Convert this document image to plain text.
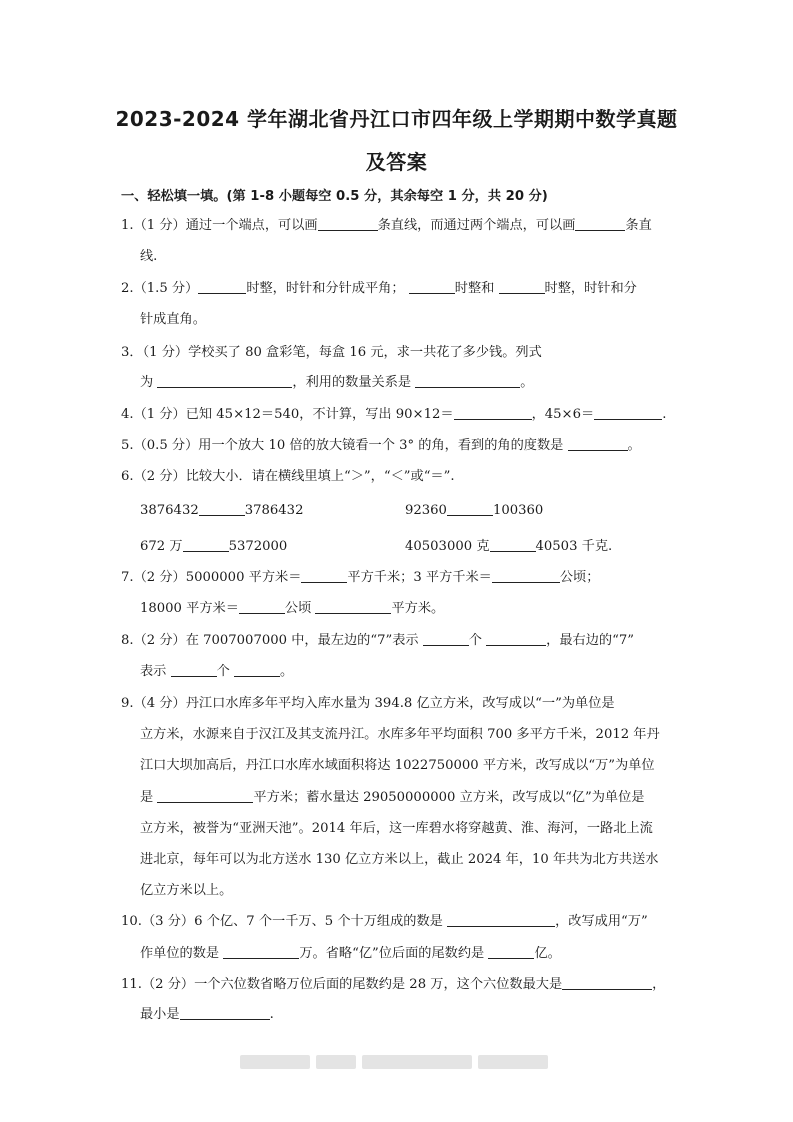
2023-2024 学年湖北省丹江口市四年级上学期期中数学真题
及答案
一、轻松填一填。(第 1-8 小题每空 0.5 分，其余每空 1 分，共 20 分)
1.（1 分）通过一个端点，可以画	条直线，而通过两个端点，可以画	条直
线.
2.（1.5 分）	时整，时针和分针成平角；	时整和	时整，时针和分
针成直角。
3．（1 分）学校买了 80 盒彩笔，每盒 16 元，求一共花了多少钱。列式
为	，利用的数量关系是	。
4.（1 分）已知 45×12＝540，不计算，写出 90×12＝	，45×6＝	.
5.（0.5 分）用一个放大 10 倍的放大镜看一个 3° 的角，看到的角的度数是	。
6.（2 分）比较大小．请在横线里填上“＞”，“＜”或“＝”.
3876432	3786432	92360	100360
672 万	5372000	40503000 克	40503 千克.
7.（2 分）5000000 平方米＝	平方千米；3 平方千米＝	公顷；
18000 平方米＝	公顷	平方米。
8.（2 分）在 7007007000 中，最左边的“7”表示	个	，最右边的“7”
表示	个	。
9.（4 分）丹江口水库多年平均入库水量为 394.8 亿立方米，改写成以“一”为单位是
立方米，水源来自于汉江及其支流丹江。水库多年平均面积 700 多平方千米，2012 年丹
江口大坝加高后，丹江口水库水域面积将达 1022750000 平方米，改写成以“万”为单位
是	平方米；蓄水量达 29050000000 立方米，改写成以“亿”为单位是
立方米，被誉为“亚洲天池”。2014 年后，这一库碧水将穿越黄、淮、海河，一路北上流
进北京，每年可以为北方送水 130 亿立方米以上，截止 2024 年，10 年共为北方共送水
亿立方米以上。
10.（3 分）6 个亿、7 个一千万、5 个十万组成的数是	，改写成用“万”
作单位的数是	万。省略“亿”位后面的尾数约是	亿。
11.（2 分）一个六位数省略万位后面的尾数约是 28 万，这个六位数最大是	，
最小是	.
